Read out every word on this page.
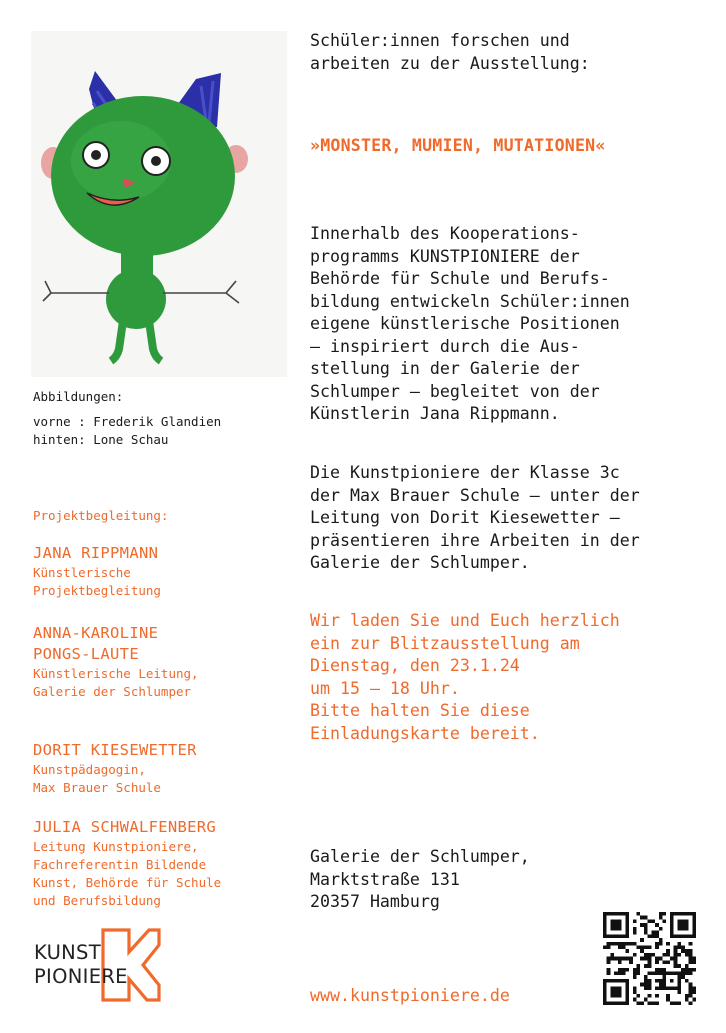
Abbildungen:
vorne : Frederik Glandien
hinten: Lone Schau
Projektbegleitung:
JANA RIPPMANN
Künstlerische
Projektbegleitung
ANNA-KAROLINE
PONGS-LAUTE
Künstlerische Leitung,
Galerie der Schlumper
DORIT KIESEWETTER
Kunstpädagogin,
Max Brauer Schule
JULIA SCHWALFENBERG
Leitung Kunstpioniere,
Fachreferentin Bildende
Kunst, Behörde für Schule
und Berufsbildung
KUNST
PIONIERE
Schüler:innen forschen und
arbeiten zu der Ausstellung:
»MONSTER, MUMIEN, MUTATIONEN«
Innerhalb des Kooperations-
programms KUNSTPIONIERE der
Behörde für Schule und Berufs-
bildung entwickeln Schüler:innen
eigene künstlerische Positionen
– inspiriert durch die Aus-
stellung in der Galerie der
Schlumper – begleitet von der
Künstlerin Jana Rippmann.
Die Kunstpioniere der Klasse 3c
der Max Brauer Schule – unter der
Leitung von Dorit Kiesewetter –
präsentieren ihre Arbeiten in der
Galerie der Schlumper.
Wir laden Sie und Euch herzlich
ein zur Blitzausstellung am
Dienstag, den 23.1.24
um 15 – 18 Uhr.
Bitte halten Sie diese
Einladungskarte bereit.
Galerie der Schlumper,
Marktstraße 131
20357 Hamburg
www.kunstpioniere.de
